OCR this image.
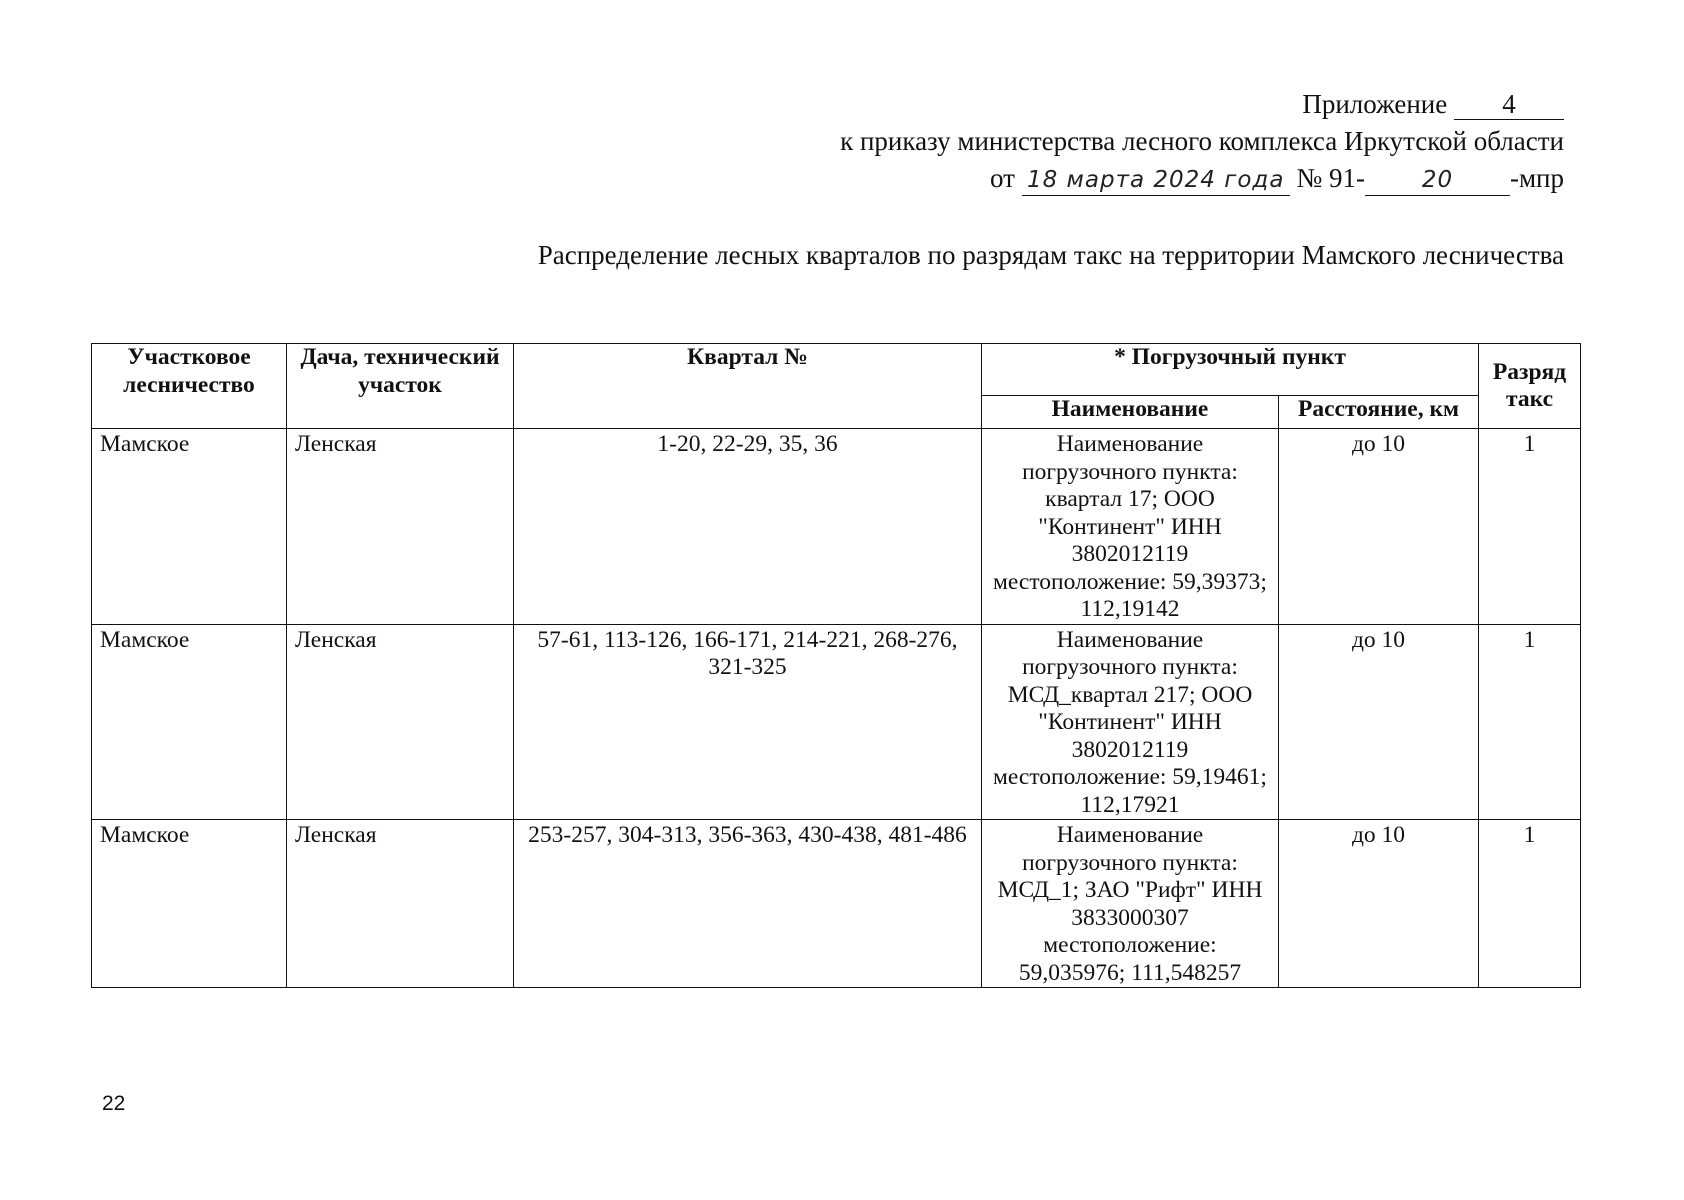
Приложение 4
к приказу министерства лесного комплекса Иркутской области
от 18 марта 2024 года № 91- 20 -мпр
Распределение лесных кварталов по разрядам такс на территории Мамского лесничества
Участковое лесничество	Дача, технический участок	Квартал №	* Погрузочный пункт		Разряд такс
			Наименование	Расстояние, км	
Мамское	Ленская	1-20, 22-29, 35, 36	Наименование погрузочного пункта: квартал 17; ООО "Континент" ИНН 3802012119 местоположение: 59,39373; 112,19142	до 10	1
Мамское	Ленская	57-61, 113-126, 166-171, 214-221, 268-276, 321-325	Наименование погрузочного пункта: МСД_квартал 217; ООО "Континент" ИНН 3802012119 местоположение: 59,19461; 112,17921	до 10	1
Мамское	Ленская	253-257, 304-313, 356-363, 430-438, 481-486	Наименование погрузочного пункта: МСД_1; ЗАО "Рифт" ИНН 3833000307 местоположение: 59,035976; 111,548257	до 10	1
22
